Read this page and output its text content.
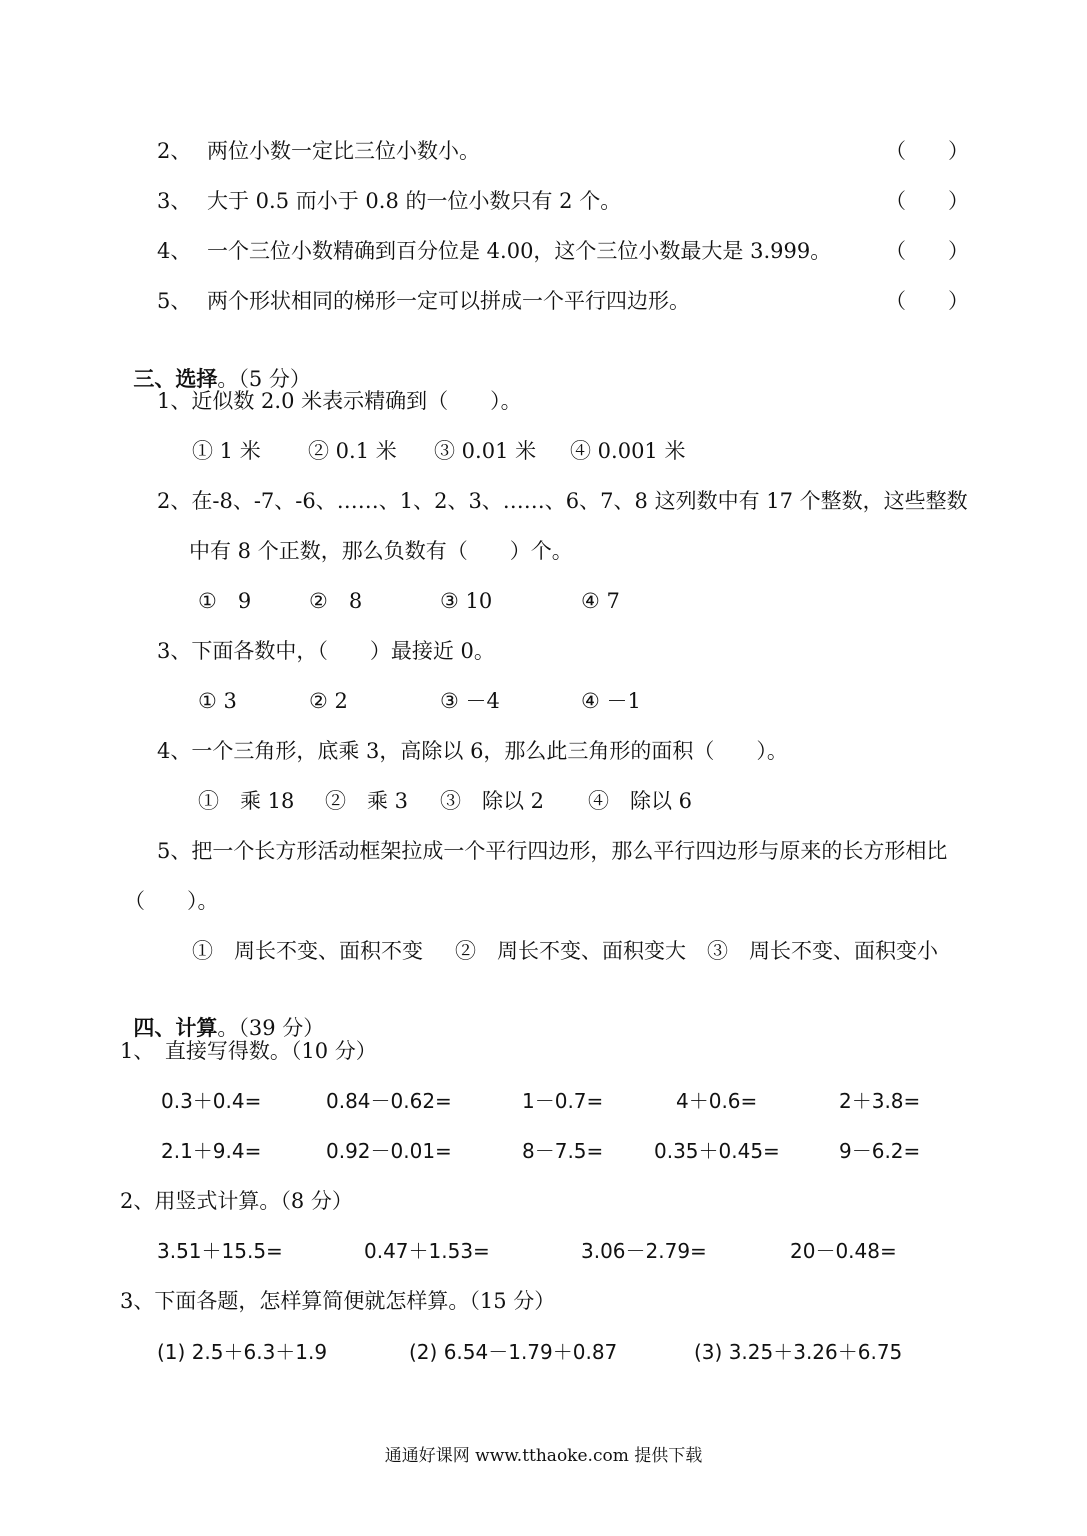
2、 两位小数一定比三位小数小。	（　　）
3、 大于 0.5 而小于 0.8 的一位小数只有 2 个。	（　　）
4、 一个三位小数精确到百分位是 4.00，这个三位小数最大是 3.999。	（　　）
5、 两个形状相同的梯形一定可以拼成一个平行四边形。	（　　）

三、选择。（5 分）

1、近似数 2.0 米表示精确到（　　）。
① 1 米 ② 0.1 米 ③ 0.01 米 ④ 0.001 米
2、在-8、-7、-6、……、1、2、3、……、6、7、8 这列数中有 17 个整数，这些整数
中有 8 个正数，那么负数有（　　）个。
①　9	②　8	③ 10	④ 7
3、下面各数中，（　　）最接近 0。
① 3	② 2	③ －4	④ －1
4、一个三角形，底乘 3，高除以 6，那么此三角形的面积（　　）。
①　乘 18 ②　乘 3 ③　除以 2 ④　除以 6
5、把一个长方形活动框架拉成一个平行四边形，那么平行四边形与原来的长方形相比
（　　）。
①　周长不变、面积不变 ②　周长不变、面积变大 ③　周长不变、面积变小

四、计算。（39 分）

1、　直接写得数。（10 分）
0.3＋0.4=	0.84－0.62=	1－0.7=	4＋0.6=	2＋3.8=
2.1＋9.4=	0.92－0.01=	8－7.5=	0.35＋0.45=	9－6.2=
2、用竖式计算。（8 分）
3.51＋15.5=	0.47＋1.53=	3.06－2.79=	20－0.48=
3、下面各题，怎样算简便就怎样算。（15 分）
(1) 2.5＋6.3＋1.9	(2) 6.54－1.79＋0.87	(3) 3.25＋3.26＋6.75
通通好课网 www.tthaoke.com 提供下载
